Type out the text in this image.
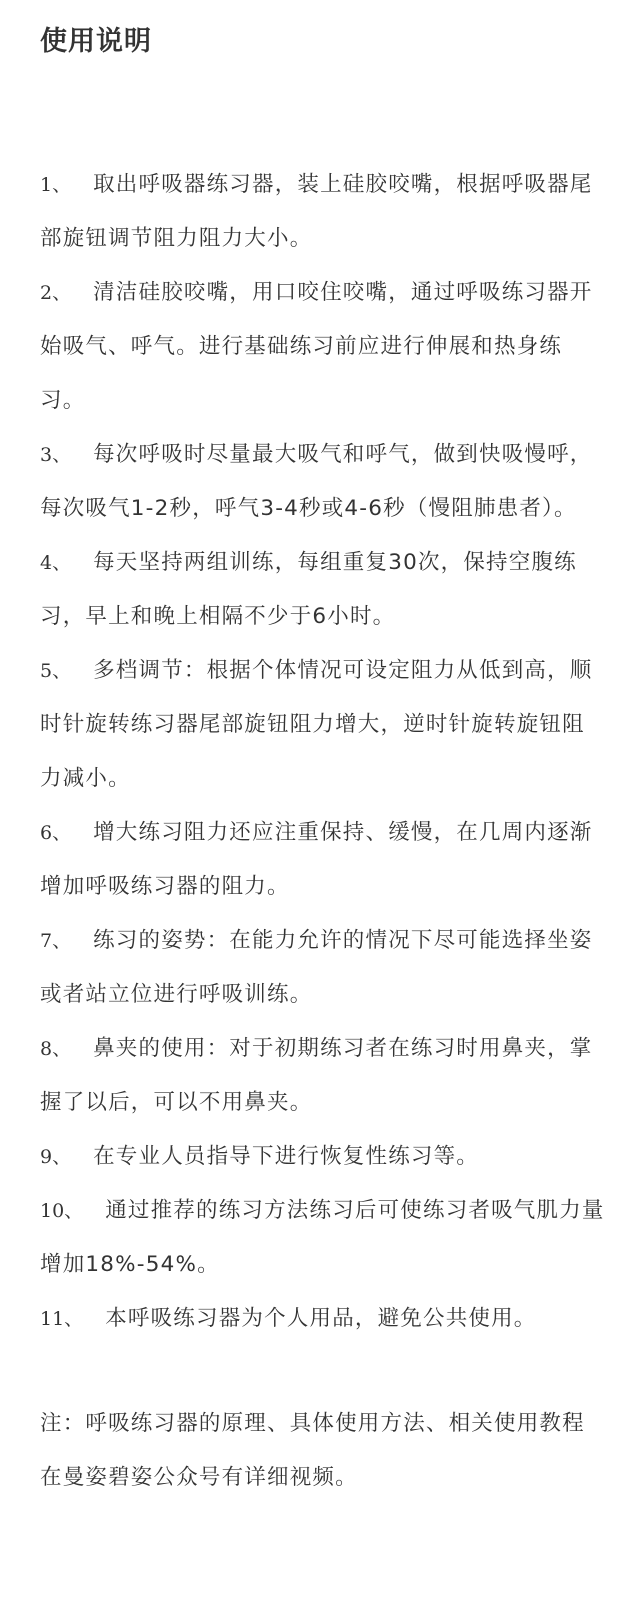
使用说明
1、 取出呼吸器练习器，装上硅胶咬嘴，根据呼吸器尾部旋钮调节阻力阻力大小。
2、 清洁硅胶咬嘴，用口咬住咬嘴，通过呼吸练习器开始吸气、呼气。进行基础练习前应进行伸展和热身练习。
3、 每次呼吸时尽量最大吸气和呼气，做到快吸慢呼，每次吸气1-2秒，呼气3-4秒或4-6秒（慢阻肺患者）。
4、 每天坚持两组训练，每组重复30次，保持空腹练习，早上和晚上相隔不少于6小时。
5、 多档调节：根据个体情况可设定阻力从低到高，顺时针旋转练习器尾部旋钮阻力增大，逆时针旋转旋钮阻力减小。
6、 增大练习阻力还应注重保持、缓慢，在几周内逐渐增加呼吸练习器的阻力。
7、 练习的姿势：在能力允许的情况下尽可能选择坐姿或者站立位进行呼吸训练。
8、 鼻夹的使用：对于初期练习者在练习时用鼻夹，掌握了以后，可以不用鼻夹。
9、 在专业人员指导下进行恢复性练习等。
10、 通过推荐的练习方法练习后可使练习者吸气肌力量增加18%-54%。
11、 本呼吸练习器为个人用品，避免公共使用。

注：呼吸练习器的原理、具体使用方法、相关使用教程在曼姿碧姿公众号有详细视频。
